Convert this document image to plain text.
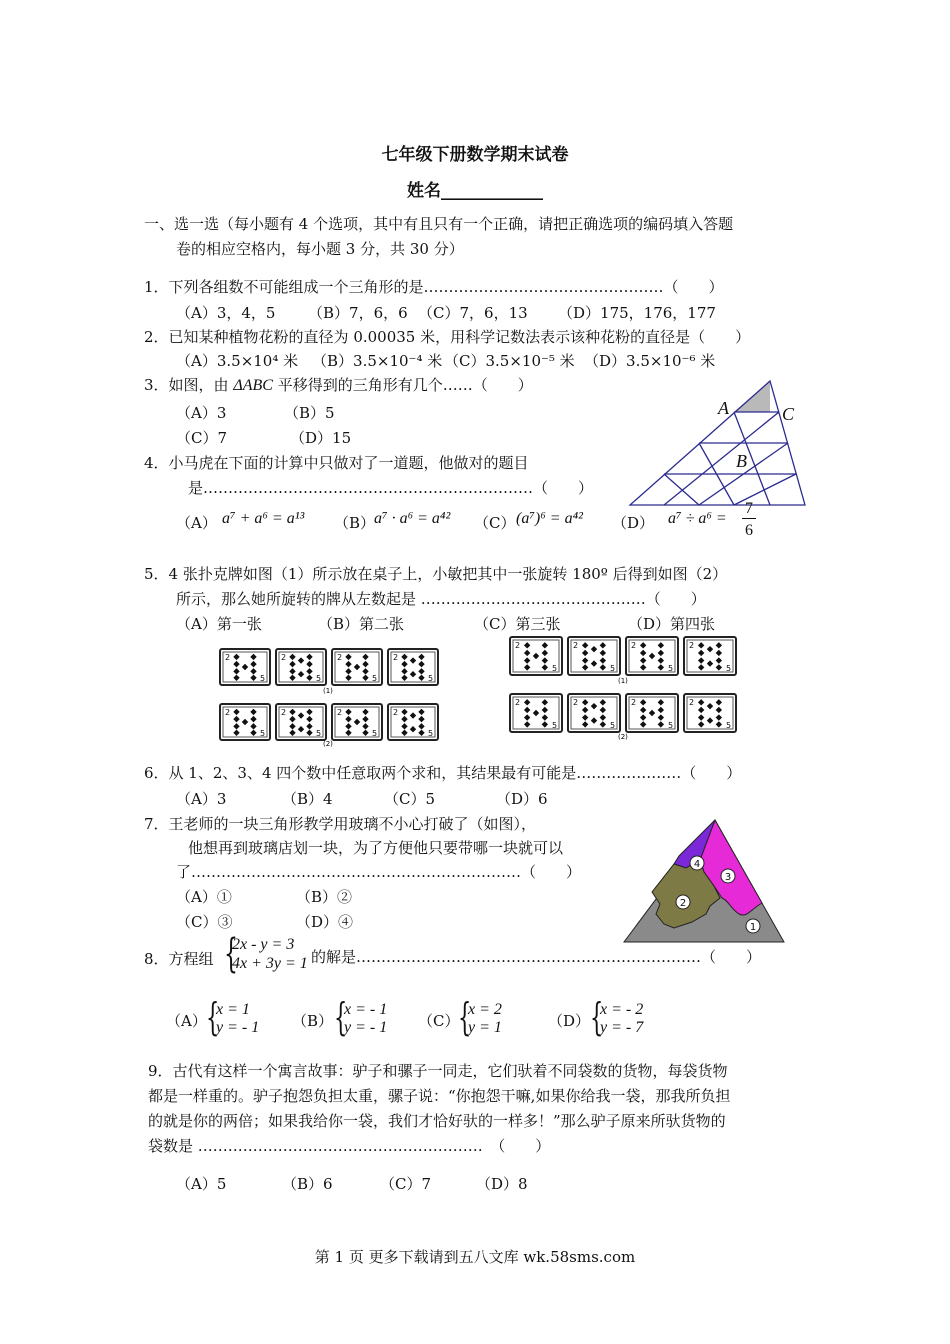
七年级下册数学期末试卷
姓名____________
一、选一选（每小题有 4 个选项，其中有且只有一个正确，请把正确选项的编码填入答题
卷的相应空格内，每小题 3 分，共 30 分）
1．下列各组数不可能组成一个三角形的是…………………………………………（　　）
（A）3，4，5 （B）7，6，6 （C）7，6，13 （D）175，176，177
2．已知某种植物花粉的直径为 0.00035 米，用科学记数法表示该种花粉的直径是（　　）
（A）3.5×10⁴ 米 （B）3.5×10⁻⁴ 米 （C）3.5×10⁻⁵ 米 （D）3.5×10⁻⁶ 米
3．如图，由 ΔABC 平移得到的三角形有几个……（　　）
（A）3	（B）5
（C）7	（D）15
A	C
B
4．小马虎在下面的计算中只做对了一道题，他做对的题目
是…………………………………………………………（　　）
（A） a⁷ + a⁶ = a¹³ （B）
a⁷ · a⁶ = a⁴² （C） (a⁷)⁶ = a⁴² （D） a⁷ ÷ a⁶ =
7
6
5．4 张扑克牌如图（1）所示放在桌子上，小敏把其中一张旋转 180º 后得到如图（2）
所示，那么她所旋转的牌从左数起是 ………………………………………（　　）
（A）第一张	（B）第二张	（C）第三张	（D）第四张
2
5
2
5
2
5
2
5
2
5
2
5
2
5
2
5
(1)
(2)
2
5
2
5
2
5
2
5
2
5
2
5
2
5
2
5
(1)
(2)
6．从 1、2、3、4 四个数中任意取两个求和，其结果最有可能是…………………（　　）
（A）3	（B）4	（C）5	（D）6
7．王老师的一块三角形教学用玻璃不小心打破了（如图），
他想再到玻璃店划一块，为了方便他只要带哪一块就可以
了…………………………………………………………（　　）
（A）①	（B）②
（C）③	（D）④
4
3
2
1
8．方程组 {
2x - y = 3
4x + 3y = 1 的解是……………………………………………………………（　　）
（A） {
x = 1
y = - 1 （B） {
x = - 1
y = - 1 （C）
{
x = 2
y = 1	（D） {
x = - 2
y = - 7
9．古代有这样一个寓言故事：驴子和骡子一同走，它们驮着不同袋数的货物，每袋货物
都是一样重的。驴子抱怨负担太重，骡子说：“你抱怨干嘛,如果你给我一袋，那我所负担
的就是你的两倍；如果我给你一袋，我们才恰好驮的一样多！”那么驴子原来所驮货物的
袋数是 …………………………………………………　（　　）
（A）5	（B）6	（C）7	（D）8
第 1 页 更多下载请到五八文库 wk.58sms.com
